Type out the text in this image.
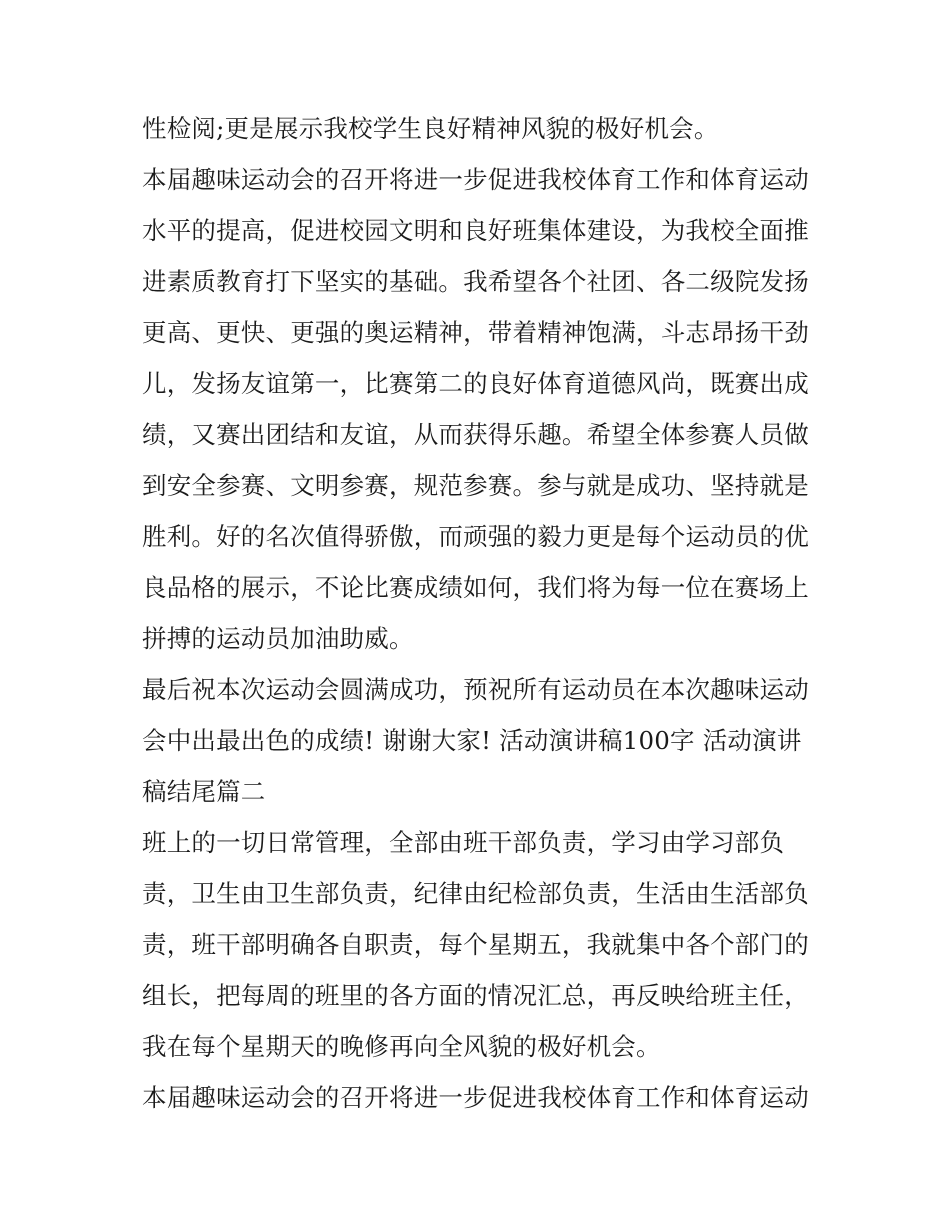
性检阅;更是展示我校学生良好精神风貌的极好机会。
本届趣味运动会的召开将进一步促进我校体育工作和体育运动
水平的提高，促进校园文明和良好班集体建设，为我校全面推
进素质教育打下坚实的基础。我希望各个社团、各二级院发扬
更高、更快、更强的奥运精神，带着精神饱满，斗志昂扬干劲
儿，发扬友谊第一，比赛第二的良好体育道德风尚，既赛出成
绩，又赛出团结和友谊，从而获得乐趣。希望全体参赛人员做
到安全参赛、文明参赛，规范参赛。参与就是成功、坚持就是
胜利。好的名次值得骄傲，而顽强的毅力更是每个运动员的优
良品格的展示，不论比赛成绩如何，我们将为每一位在赛场上
拼搏的运动员加油助威。
最后祝本次运动会圆满成功，预祝所有运动员在本次趣味运动
会中出最出色的成绩! 谢谢大家! 活动演讲稿100字 活动演讲
稿结尾篇二
班上的一切日常管理，全部由班干部负责，学习由学习部负
责，卫生由卫生部负责，纪律由纪检部负责，生活由生活部负
责，班干部明确各自职责，每个星期五，我就集中各个部门的
组长，把每周的班里的各方面的情况汇总，再反映给班主任，
我在每个星期天的晚修再向全风貌的极好机会。
本届趣味运动会的召开将进一步促进我校体育工作和体育运动
